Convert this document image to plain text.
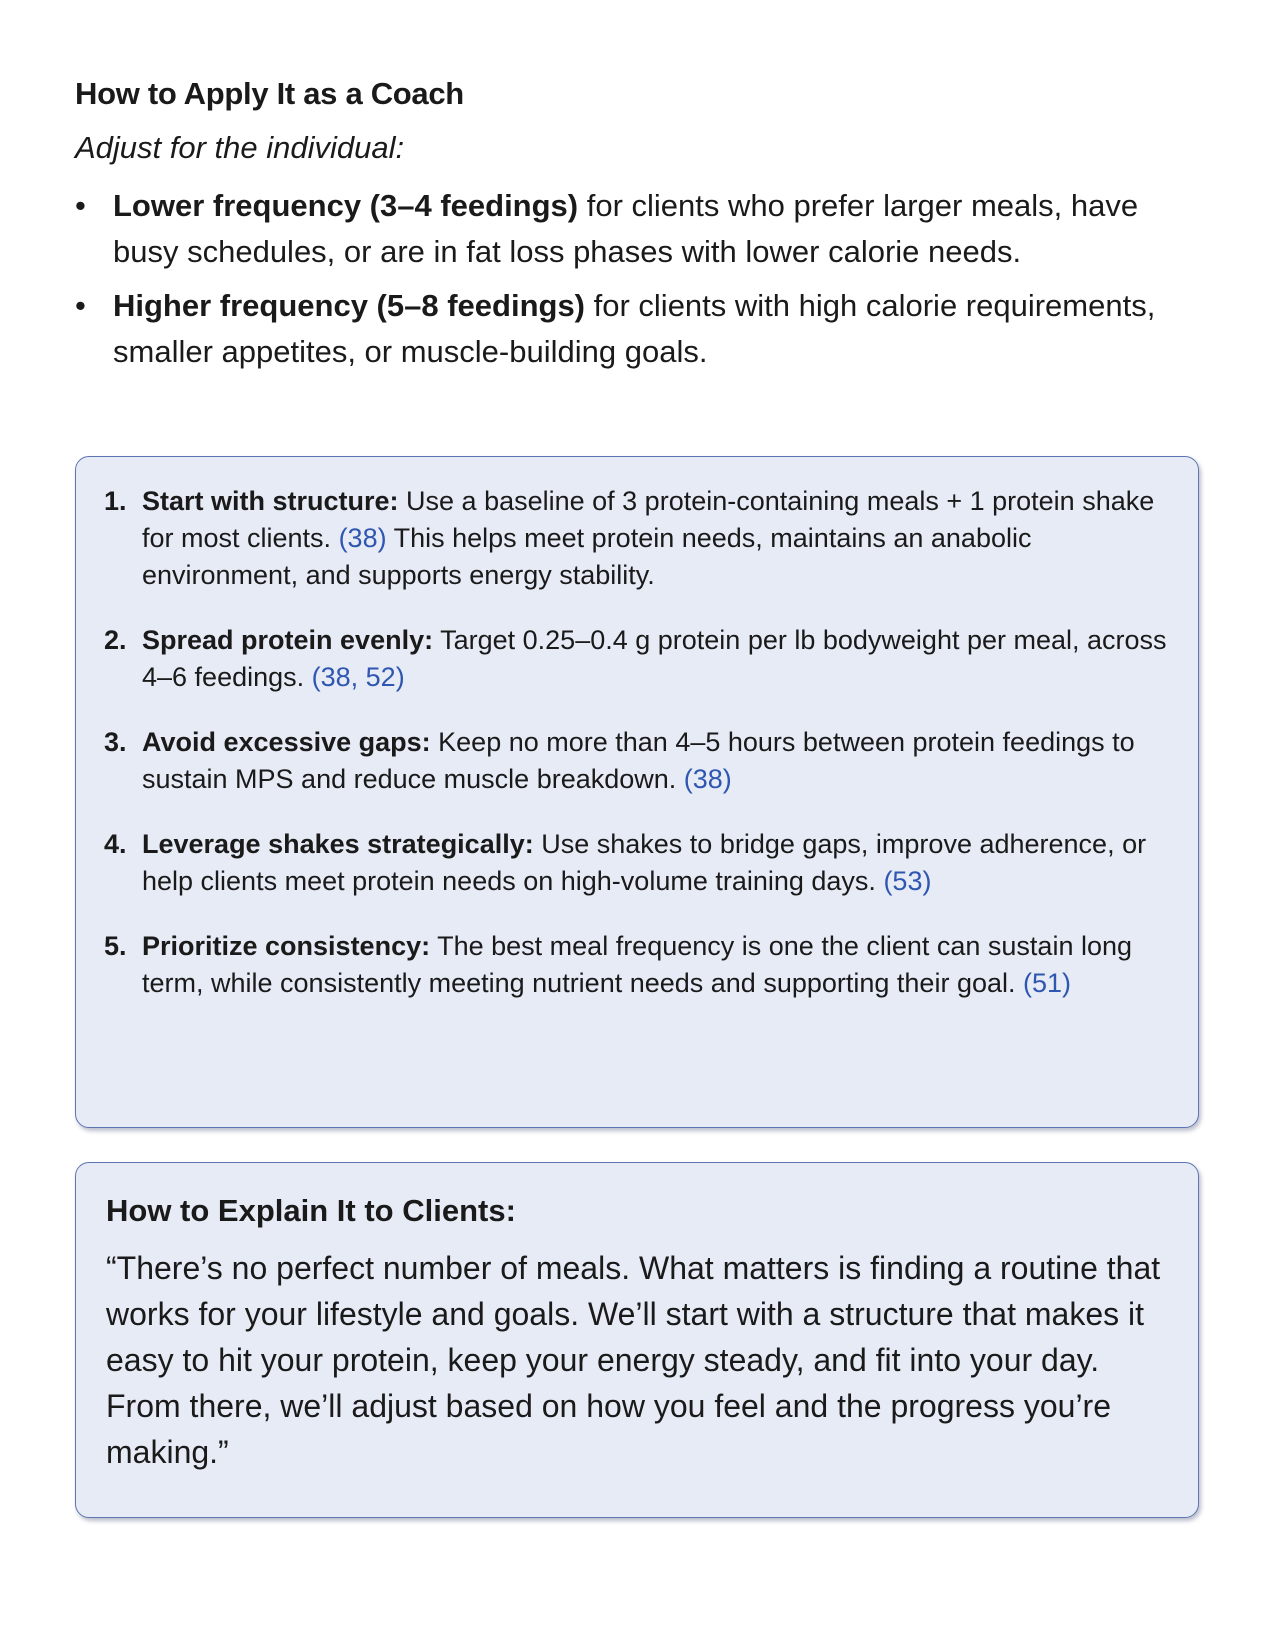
How to Apply It as a Coach

Adjust for the individual:

• Lower frequency (3–4 feedings) for clients who prefer larger meals, have busy schedules, or are in fat loss phases with lower calorie needs.
• Higher frequency (5–8 feedings) for clients with high calorie requirements, smaller appetites, or muscle-building goals.
1. Start with structure: Use a baseline of 3 protein-containing meals + 1 protein shake for most clients. (38) This helps meet protein needs, maintains an anabolic environment, and supports energy stability.
2. Spread protein evenly: Target 0.25–0.4 g protein per lb bodyweight per meal, across 4–6 feedings. (38, 52)
3. Avoid excessive gaps: Keep no more than 4–5 hours between protein feedings to sustain MPS and reduce muscle breakdown. (38)
4. Leverage shakes strategically: Use shakes to bridge gaps, improve adherence, or help clients meet protein needs on high-volume training days. (53)
5. Prioritize consistency: The best meal frequency is one the client can sustain long term, while consistently meeting nutrient needs and supporting their goal. (51)
How to Explain It to Clients:

“There’s no perfect number of meals. What matters is finding a routine that works for your lifestyle and goals. We’ll start with a structure that makes it easy to hit your protein, keep your energy steady, and fit into your day. From there, we’ll adjust based on how you feel and the progress you’re making.”
